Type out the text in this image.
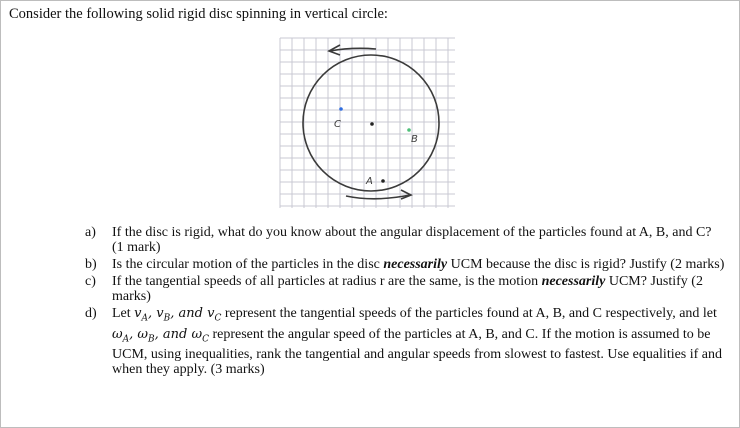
Consider the following solid rigid disc spinning in vertical circle:
C
B
A
a)	If the disc is rigid, what do you know about the angular displacement of the particles found at A, B, and C? (1 mark)
b)	Is the circular motion of the particles in the disc necessarily UCM because the disc is rigid? Justify (2 marks)
c)	If the tangential speeds of all particles at radius r are the same, is the motion necessarily UCM? Justify (2 marks)
d)	Let $v_A$, $v_B$, and $v_C$ represent the tangential speeds of the particles found at A, B, and C respectively, and let $\omega_A$, $\omega_B$, and $\omega_C$ represent the angular speed of the particles at A, B, and C. If the motion is assumed to be UCM, using inequalities, rank the tangential and angular speeds from slowest to fastest. Use equalities if and when they apply. (3 marks)
